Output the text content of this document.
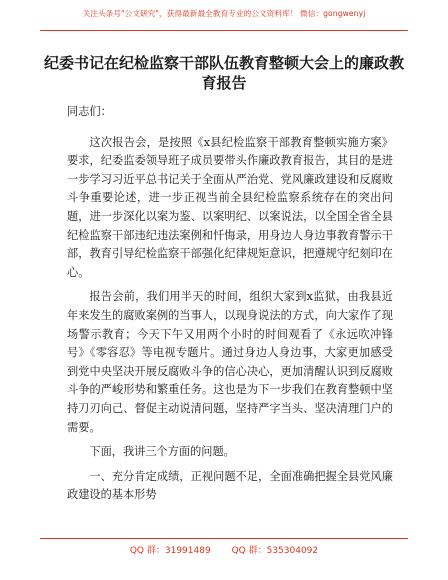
关注头条号"公文研究"，获得最新最全教育专业的公文资料库！ 微信：gongwenyj
纪委书记在纪检监察干部队伍教育整顿大会上的廉政教育报告

同志们：

这次报告会，是按照《x县纪检监察干部教育整顿实施方案》要求，纪委监委领导班子成员要带头作廉政教育报告，其目的是进一步学习习近平总书记关于全面从严治党、党风廉政建设和反腐败斗争重要论述，进一步正视当前全县纪检监察系统存在的突出问题，进一步深化以案为鉴、以案明纪、以案说法，以全国全省全县纪检监察干部违纪违法案例和忏悔录，用身边人身边事教育警示干部，教育引导纪检监察干部强化纪律规矩意识，把遵规守纪刻印在心。

报告会前，我们用半天的时间，组织大家到x监狱，由我县近年来发生的腐败案例的当事人，以现身说法的方式，向大家作了现场警示教育；今天下午又用两个小时的时间观看了《永远吹冲锋号》《零容忍》等电视专题片。通过身边人身边事，大家更加感受到党中央坚决开展反腐败斗争的信心决心，更加清醒认识到反腐败斗争的严峻形势和繁重任务。这也是为下一步我们在教育整顿中坚持刀刃向己、督促主动说清问题，坚持严字当头、坚决清理门户的需要。

下面，我讲三个方面的问题。

一、充分肯定成绩，正视问题不足，全面准确把握全县党风廉政建设的基本形势

QQ 群：31991489 QQ 群：535304092
